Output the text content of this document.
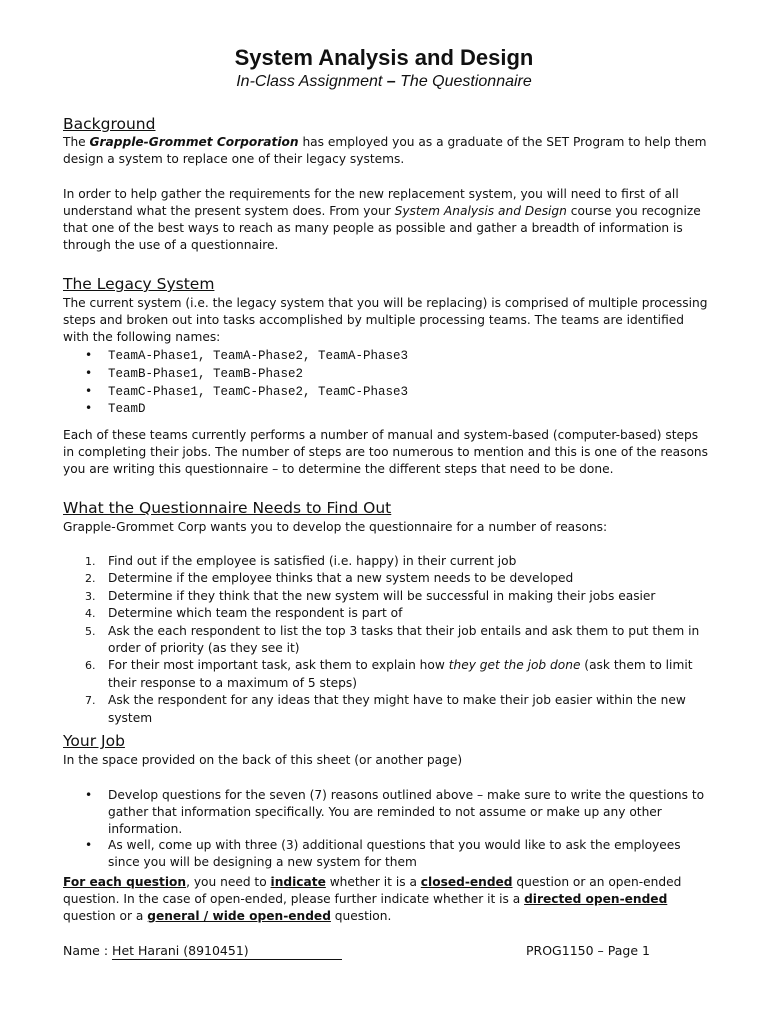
System Analysis and Design
In-Class Assignment – The Questionnaire
Background
The Grapple-Grommet Corporation has employed you as a graduate of the SET Program to help them design a system to replace one of their legacy systems.
In order to help gather the requirements for the new replacement system, you will need to first of all understand what the present system does. From your System Analysis and Design course you recognize that one of the best ways to reach as many people as possible and gather a breadth of information is through the use of a questionnaire.
The Legacy System
The current system (i.e. the legacy system that you will be replacing) is comprised of multiple processing steps and broken out into tasks accomplished by multiple processing teams. The teams are identified with the following names:
• TeamA-Phase1, TeamA-Phase2, TeamA-Phase3
• TeamB-Phase1, TeamB-Phase2
• TeamC-Phase1, TeamC-Phase2, TeamC-Phase3
• TeamD
Each of these teams currently performs a number of manual and system-based (computer-based) steps in completing their jobs. The number of steps are too numerous to mention and this is one of the reasons you are writing this questionnaire – to determine the different steps that need to be done.
What the Questionnaire Needs to Find Out
Grapple-Grommet Corp wants you to develop the questionnaire for a number of reasons:
1. Find out if the employee is satisfied (i.e. happy) in their current job
2. Determine if the employee thinks that a new system needs to be developed
3. Determine if they think that the new system will be successful in making their jobs easier
4. Determine which team the respondent is part of
5. Ask the each respondent to list the top 3 tasks that their job entails and ask them to put them in order of priority (as they see it)
6. For their most important task, ask them to explain how they get the job done (ask them to limit their response to a maximum of 5 steps)
7. Ask the respondent for any ideas that they might have to make their job easier within the new system
Your Job
In the space provided on the back of this sheet (or another page)
• Develop questions for the seven (7) reasons outlined above – make sure to write the questions to gather that information specifically. You are reminded to not assume or make up any other information.
• As well, come up with three (3) additional questions that you would like to ask the employees since you will be designing a new system for them
For each question, you need to indicate whether it is a closed-ended question or an open-ended question. In the case of open-ended, please further indicate whether it is a directed open-ended question or a general / wide open-ended question.
Name : Het Harani (8910451)	PROG1150 – Page 1
